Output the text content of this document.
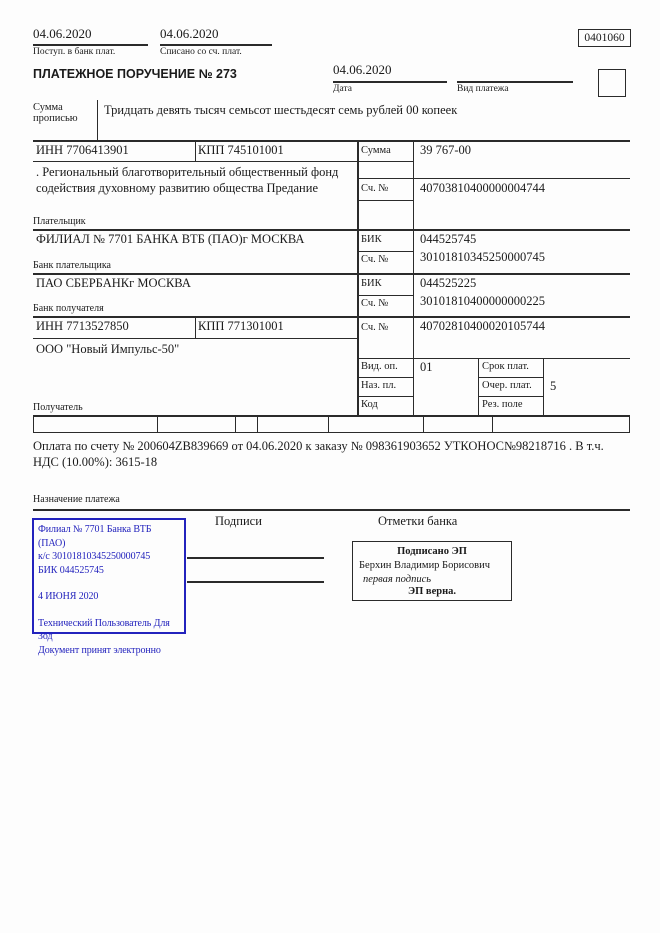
04.06.2020
Поступ. в банк плат.
04.06.2020
Списано со сч. плат.
0401060
ПЛАТЕЖНОЕ ПОРУЧЕНИЕ № 273	04.06.2020
Дата	Вид платежа
Сумма прописью
Тридцать девять тысяч семьсот шестьдесят семь рублей 00 копеек
ИНН 7706413901	КПП 745101001	Сумма 39 767-00
. Региональный благотворительный общественный фонд содействия духовному развитию общества Предание
Плательщик
Сч. №	40703810400000004744
ФИЛИАЛ № 7701 БАНКА ВТБ (ПАО)г МОСКВА	БИК	044525745
Сч. №	30101810345250000745
Банк плательщика
ПАО СБЕРБАНКг МОСКВА	БИК	044525225
Сч. №	30101810400000000225
Банк получателя
ИНН 7713527850	КПП 771301001	Сч. №	40702810400020105744
ООО "Новый Импульс-50"
Получатель
Вид. оп. 01	Срок плат.
Наз. пл.	Очер. плат. 5
Код	Рез. поле
Оплата по счету № 200604ZB839669 от 04.06.2020 к заказу № 098361903652 УТКОНОС№98218716 . В т.ч. НДС (10.00%): 3615-18
Назначение платежа
Подписи	Отметки банка
Филиал № 7701 Банка ВТБ (ПАО)
к/с 30101810345250000745
БИК 044525745
4 ИЮНЯ 2020
Технический Пользователь Для Зод
Документ принят электронно
Подписано ЭП
Берхин Владимир Борисович
первая подпись
ЭП верна.
